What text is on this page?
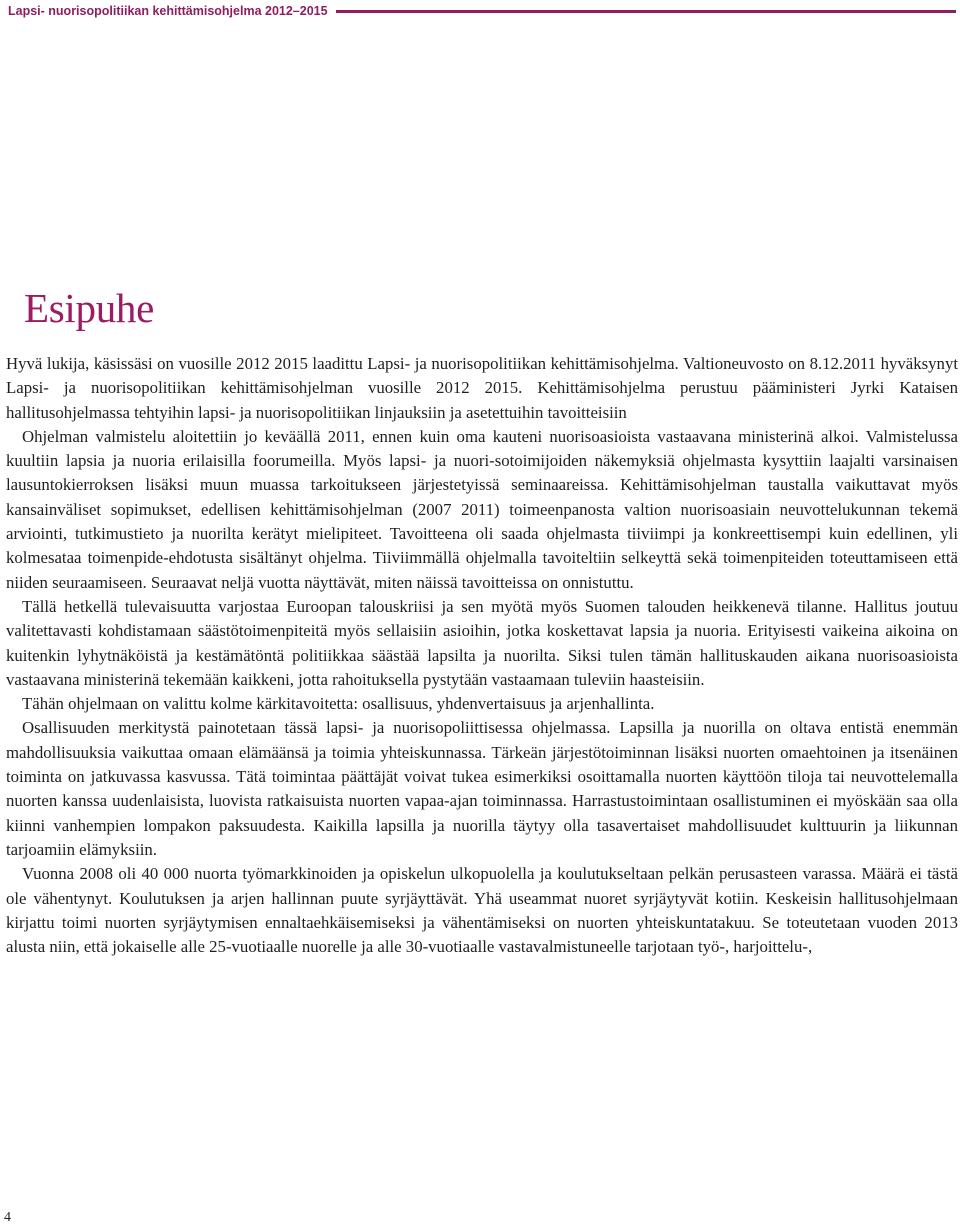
Lapsi- nuorisopolitiikan kehittämisohjelma 2012–2015
Esipuhe

Hyvä lukija, käsissäsi on vuosille 2012 2015 laadittu Lapsi- ja nuorisopolitiikan kehittämisohjelma. Valtioneuvosto on 8.12.2011 hyväksynyt Lapsi- ja nuorisopolitiikan kehittämisohjelman vuosille 2012 2015. Kehittämisohjelma perustuu pääministeri Jyrki Kataisen hallitusohjelmassa tehtyihin lapsi- ja nuorisopolitiikan linjauksiin ja asetettuihin tavoitteisiin

Ohjelman valmistelu aloitettiin jo keväällä 2011, ennen kuin oma kauteni nuorisoasioista vastaavana ministerinä alkoi. Valmistelussa kuultiin lapsia ja nuoria erilaisilla foorumeilla. Myös lapsi- ja nuori-sotoimijoiden näkemyksiä ohjelmasta kysyttiin laajalti varsinaisen lausuntokierroksen lisäksi muun muassa tarkoitukseen järjestetyissä seminaareissa. Kehittämisohjelman taustalla vaikuttavat myös kansainväliset sopimukset, edellisen kehittämisohjelman (2007 2011) toimeenpanosta valtion nuorisoasiain neuvottelukunnan tekemä arviointi, tutkimustieto ja nuorilta kerätyt mielipiteet. Tavoitteena oli saada ohjelmasta tiiviimpi ja konkreettisempi kuin edellinen, yli kolmesataa toimenpide-ehdotusta sisältänyt ohjelma. Tiiviimmällä ohjelmalla tavoiteltiin selkeyttä sekä toimenpiteiden toteuttamiseen että niiden seuraamiseen. Seuraavat neljä vuotta näyttävät, miten näissä tavoitteissa on onnistuttu.

Tällä hetkellä tulevaisuutta varjostaa Euroopan talouskriisi ja sen myötä myös Suomen talouden heikkenevä tilanne. Hallitus joutuu valitettavasti kohdistamaan säästötoimenpiteitä myös sellaisiin asioihin, jotka koskettavat lapsia ja nuoria. Erityisesti vaikeina aikoina on kuitenkin lyhytnäköistä ja kestämätöntä politiikkaa säästää lapsilta ja nuorilta. Siksi tulen tämän hallituskauden aikana nuorisoasioista vastaavana ministerinä tekemään kaikkeni, jotta rahoituksella pystytään vastaamaan tuleviin haasteisiin.

Tähän ohjelmaan on valittu kolme kärkitavoitetta: osallisuus, yhdenvertaisuus ja arjenhallinta.

Osallisuuden merkitystä painotetaan tässä lapsi- ja nuorisopoliittisessa ohjelmassa. Lapsilla ja nuorilla on oltava entistä enemmän mahdollisuuksia vaikuttaa omaan elämäänsä ja toimia yhteiskunnassa. Tärkeän järjestötoiminnan lisäksi nuorten omaehtoinen ja itsenäinen toiminta on jatkuvassa kasvussa. Tätä toimintaa päättäjät voivat tukea esimerkiksi osoittamalla nuorten käyttöön tiloja tai neuvottelemalla nuorten kanssa uudenlaisista, luovista ratkaisuista nuorten vapaa-ajan toiminnassa. Harrastustoimintaan osallistuminen ei myöskään saa olla kiinni vanhempien lompakon paksuudesta. Kaikilla lapsilla ja nuorilla täytyy olla tasavertaiset mahdollisuudet kulttuurin ja liikunnan tarjoamiin elämyksiin.

Vuonna 2008 oli 40 000 nuorta työmarkkinoiden ja opiskelun ulkopuolella ja koulutukseltaan pelkän perusasteen varassa. Määrä ei tästä ole vähentynyt. Koulutuksen ja arjen hallinnan puute syrjäyttävät. Yhä useammat nuoret syrjäytyvät kotiin. Keskeisin hallitusohjelmaan kirjattu toimi nuorten syrjäytymisen ennaltaehkäisemiseksi ja vähentämiseksi on nuorten yhteiskuntatakuu. Se toteutetaan vuoden 2013 alusta niin, että jokaiselle alle 25-vuotiaalle nuorelle ja alle 30-vuotiaalle vastavalmistuneelle tarjotaan työ-, harjoittelu-,

4
